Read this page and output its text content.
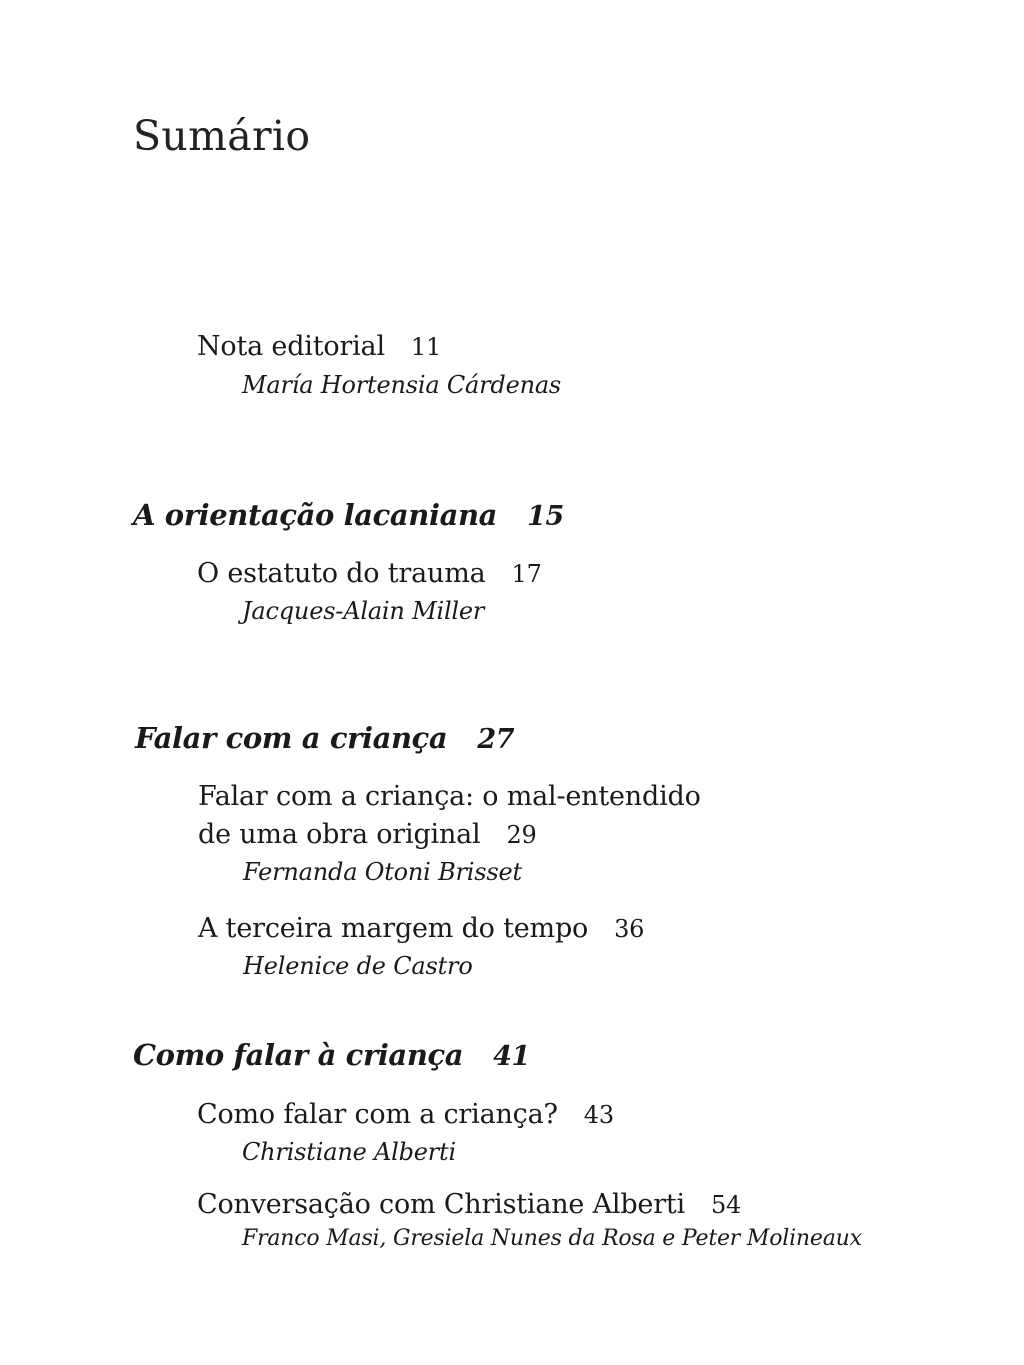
Sumário
Nota editorial 11
María Hortensia Cárdenas
A orientação lacaniana 15
O estatuto do trauma 17
Jacques-Alain Miller
Falar com a criança 27
Falar com a criança: o mal-entendido
de uma obra original 29
Fernanda Otoni Brisset
A terceira margem do tempo 36
Helenice de Castro
Como falar à criança 41
Como falar com a criança? 43
Christiane Alberti
Conversação com Christiane Alberti 54
Franco Masi, Gresiela Nunes da Rosa e Peter Molineaux
